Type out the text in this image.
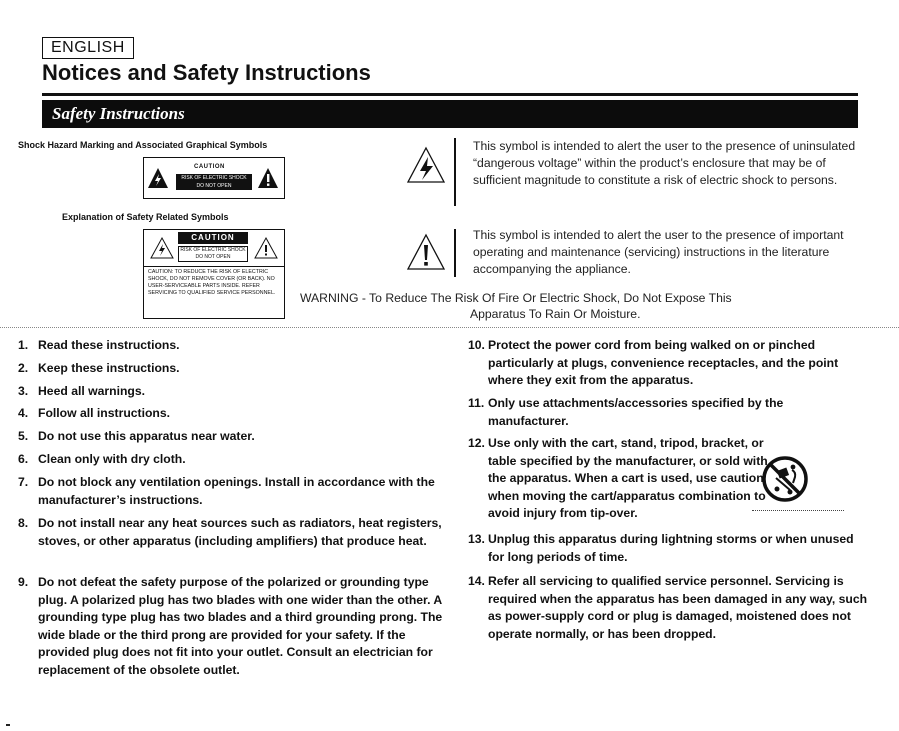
ENGLISH
Notices and Safety Instructions
Safety Instructions
Shock Hazard Marking and Associated Graphical Symbols
CAUTION
RISK OF ELECTRIC SHOCK
DO NOT OPEN
Explanation of Safety Related Symbols
CAUTION
RISK OF ELECTRIC SHOCK
DO NOT OPEN
CAUTION: TO REDUCE THE RISK OF ELECTRIC SHOCK, DO NOT REMOVE COVER (OR BACK). NO USER-SERVICEABLE PARTS INSIDE. REFER SERVICING TO QUALIFIED SERVICE PERSONNEL.
This symbol is intended to alert the user to the presence of uninsulated “dangerous voltage” within the product’s enclosure that may be of sufficient magnitude to constitute a risk of electric shock to persons.
This symbol is intended to alert the user to the presence of important operating and maintenance (servicing) instructions in the literature accompanying the appliance.
WARNING - To Reduce The Risk Of Fire Or Electric Shock, Do Not Expose This
Apparatus To Rain Or Moisture.
1. Read these instructions.
2. Keep these instructions.
3. Heed all warnings.
4. Follow all instructions.
5. Do not use this apparatus near water.
6. Clean only with dry cloth.
7. Do not block any ventilation openings. Install in accordance with the manufacturer’s instructions.
8. Do not install near any heat sources such as radiators, heat registers, stoves, or other apparatus (including amplifiers) that produce heat.
9. Do not defeat the safety purpose of the polarized or grounding type plug. A polarized plug has two blades with one wider than the other. A grounding type plug has two blades and a third grounding prong. The wide blade or the third prong are provided for your safety. If the provided plug does not fit into your outlet. Consult an electrician for replacement of the obsolete outlet.
10. Protect the power cord from being walked on or pinched particularly at plugs, convenience receptacles, and the point where they exit from the apparatus.
11. Only use attachments/accessories specified by the manufacturer.
12. Use only with the cart, stand, tripod, bracket, or table specified by the manufacturer, or sold with the apparatus. When a cart is used, use caution when moving the cart/apparatus combination to avoid injury from tip-over.
13. Unplug this apparatus during lightning storms or when unused for long periods of time.
14. Refer all servicing to qualified service personnel. Servicing is required when the apparatus has been damaged in any way, such as power-supply cord or plug is damaged, moistened does not operate normally, or has been dropped.
